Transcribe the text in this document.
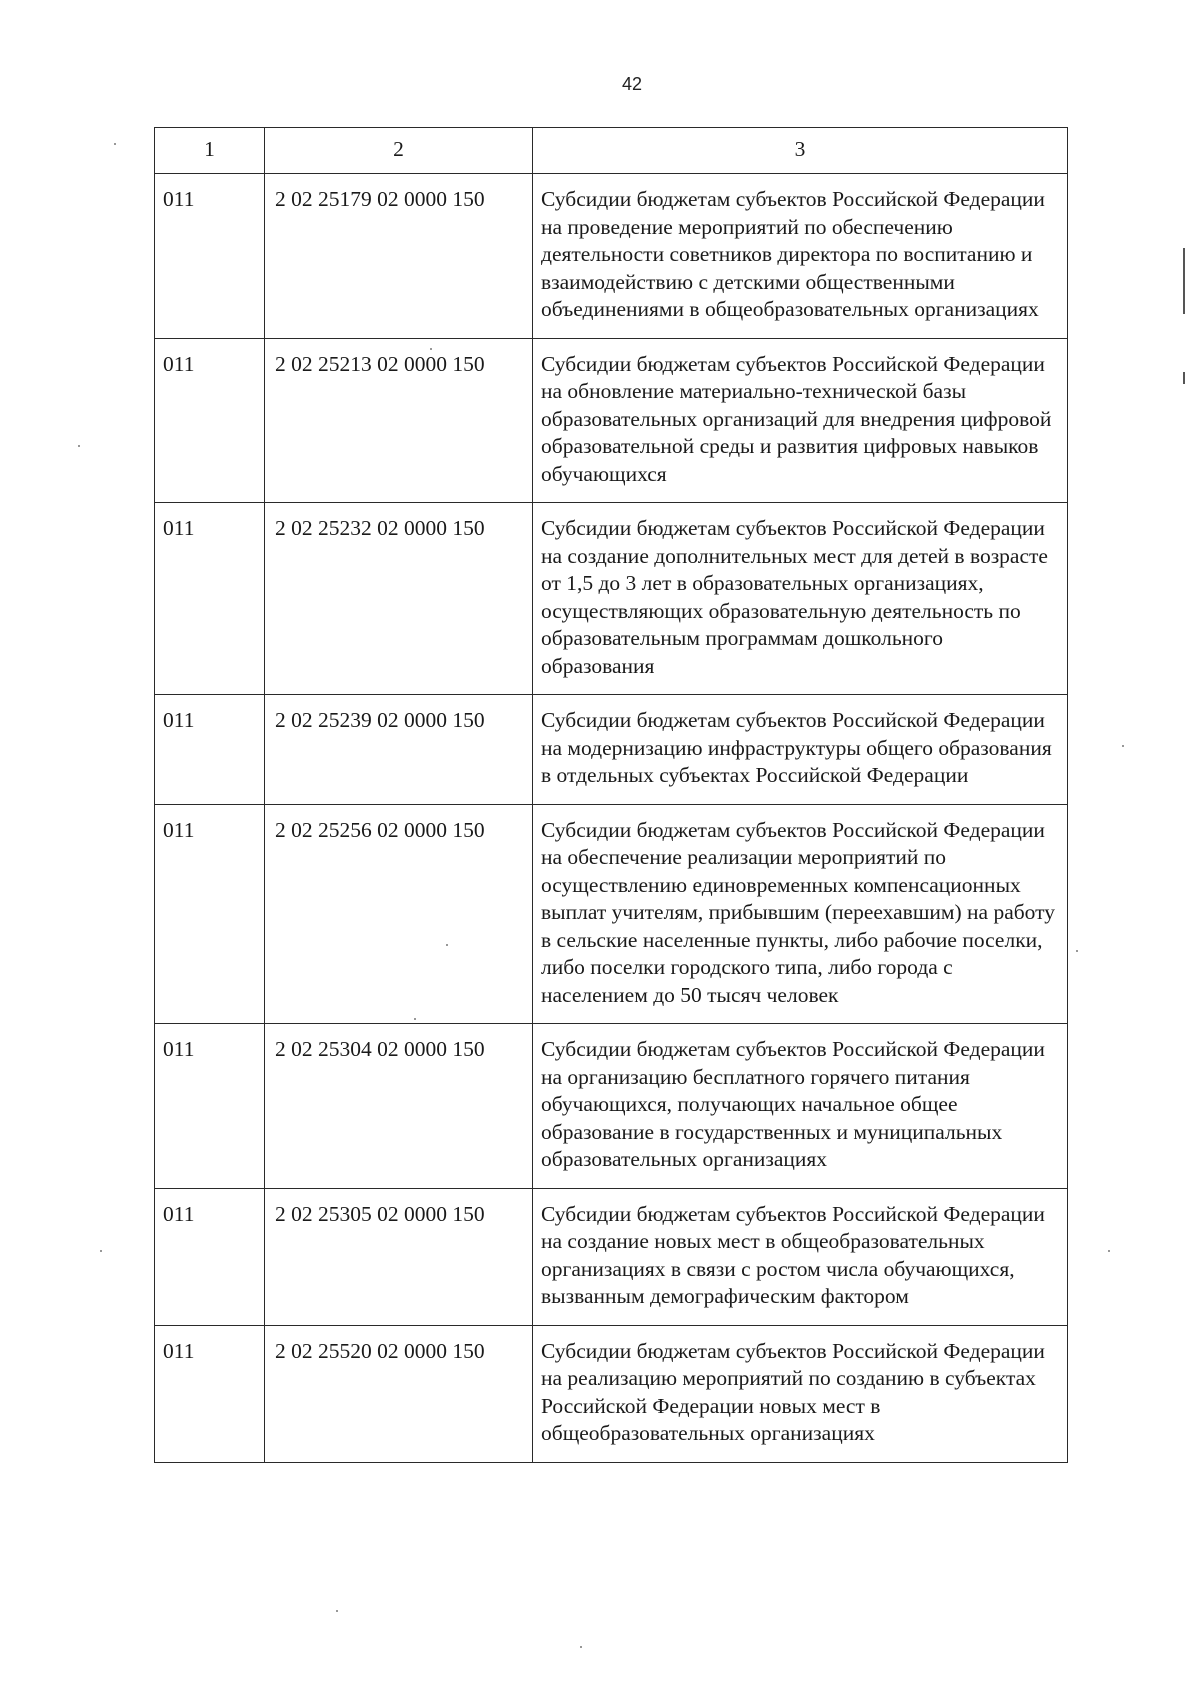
42
1	2	3
011	2 02 25179 02 0000 150	Субсидии бюджетам субъектов Российской Федерации на проведение мероприятий по обеспечению деятельности советников директора по воспитанию и взаимодействию с детскими общественными объединениями в общеобразовательных организациях
011	2 02 25213 02 0000 150	Субсидии бюджетам субъектов Российской Федерации на обновление материально-технической базы образовательных организаций для внедрения цифровой образовательной среды и развития цифровых навыков обучающихся
011	2 02 25232 02 0000 150	Субсидии бюджетам субъектов Российской Федерации на создание дополнительных мест для детей в возрасте от 1,5 до 3 лет в образовательных организациях, осуществляющих образовательную деятельность по образовательным программам дошкольного образования
011	2 02 25239 02 0000 150	Субсидии бюджетам субъектов Российской Федерации на модернизацию инфраструктуры общего образования в отдельных субъектах Российской Федерации
011	2 02 25256 02 0000 150	Субсидии бюджетам субъектов Российской Федерации на обеспечение реализации мероприятий по осуществлению единовременных компенсационных выплат учителям, прибывшим (переехавшим) на работу в сельские населенные пункты, либо рабочие поселки, либо поселки городского типа, либо города с населением до 50 тысяч человек
011	2 02 25304 02 0000 150	Субсидии бюджетам субъектов Российской Федерации на организацию бесплатного горячего питания обучающихся, получающих начальное общее образование в государственных и муниципальных образовательных организациях
011	2 02 25305 02 0000 150	Субсидии бюджетам субъектов Российской Федерации на создание новых мест в общеобразовательных организациях в связи с ростом числа обучающихся, вызванным демографическим фактором
011	2 02 25520 02 0000 150	Субсидии бюджетам субъектов Российской Федерации на реализацию мероприятий по созданию в субъектах Российской Федерации новых мест в общеобразовательных организациях
